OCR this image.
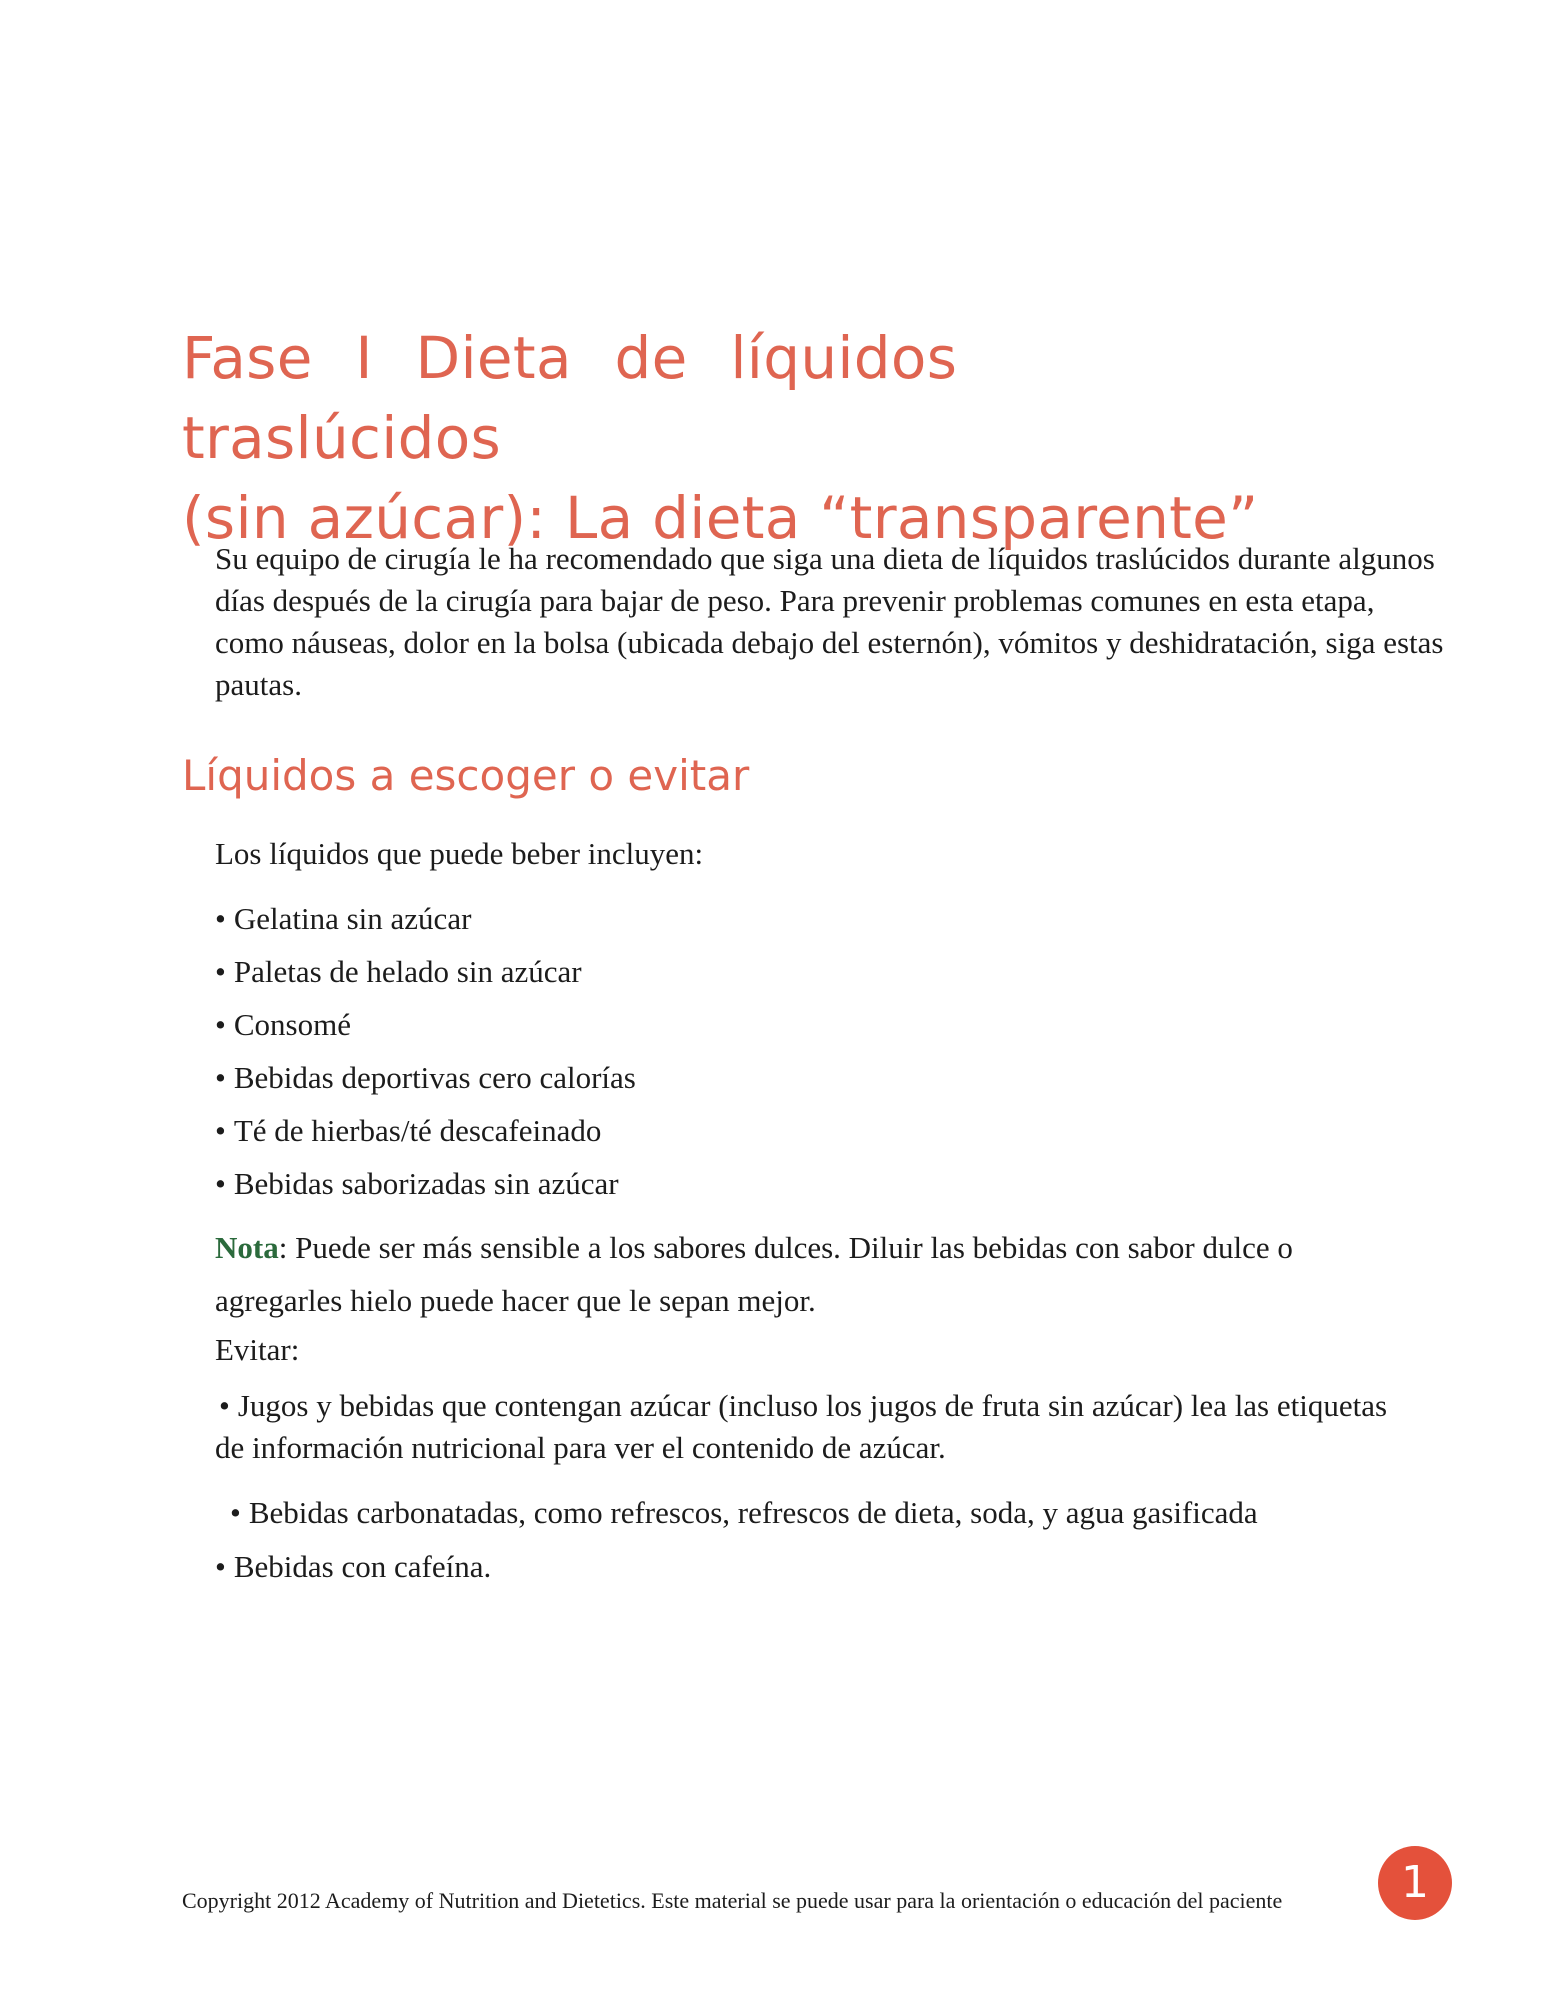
Fase I Dieta de líquidos traslúcidos
(sin azúcar): La dieta “transparente”

Su equipo de cirugía le ha recomendado que siga una dieta de líquidos traslúcidos durante algunos días después de la cirugía para bajar de peso. Para prevenir problemas comunes en esta etapa, como náuseas, dolor en la bolsa (ubicada debajo del esternón), vómitos y deshidratación, siga estas pautas.

Líquidos a escoger o evitar
Los líquidos que puede beber incluyen:
• Gelatina sin azúcar
• Paletas de helado sin azúcar
• Consomé
• Bebidas deportivas cero calorías
• Té de hierbas/té descafeinado
• Bebidas saborizadas sin azúcar
Nota: Puede ser más sensible a los sabores dulces. Diluir las bebidas con sabor dulce o
agregarles hielo puede hacer que le sepan mejor.
Evitar:
• Jugos y bebidas que contengan azúcar (incluso los jugos de fruta sin azúcar) lea las etiquetas de información nutricional para ver el contenido de azúcar.
• Bebidas carbonatadas, como refrescos, refrescos de dieta, soda, y agua gasificada
• Bebidas con cafeína.
Copyright 2012 Academy of Nutrition and Dietetics. Este material se puede usar para la orientación o educación del paciente	1
